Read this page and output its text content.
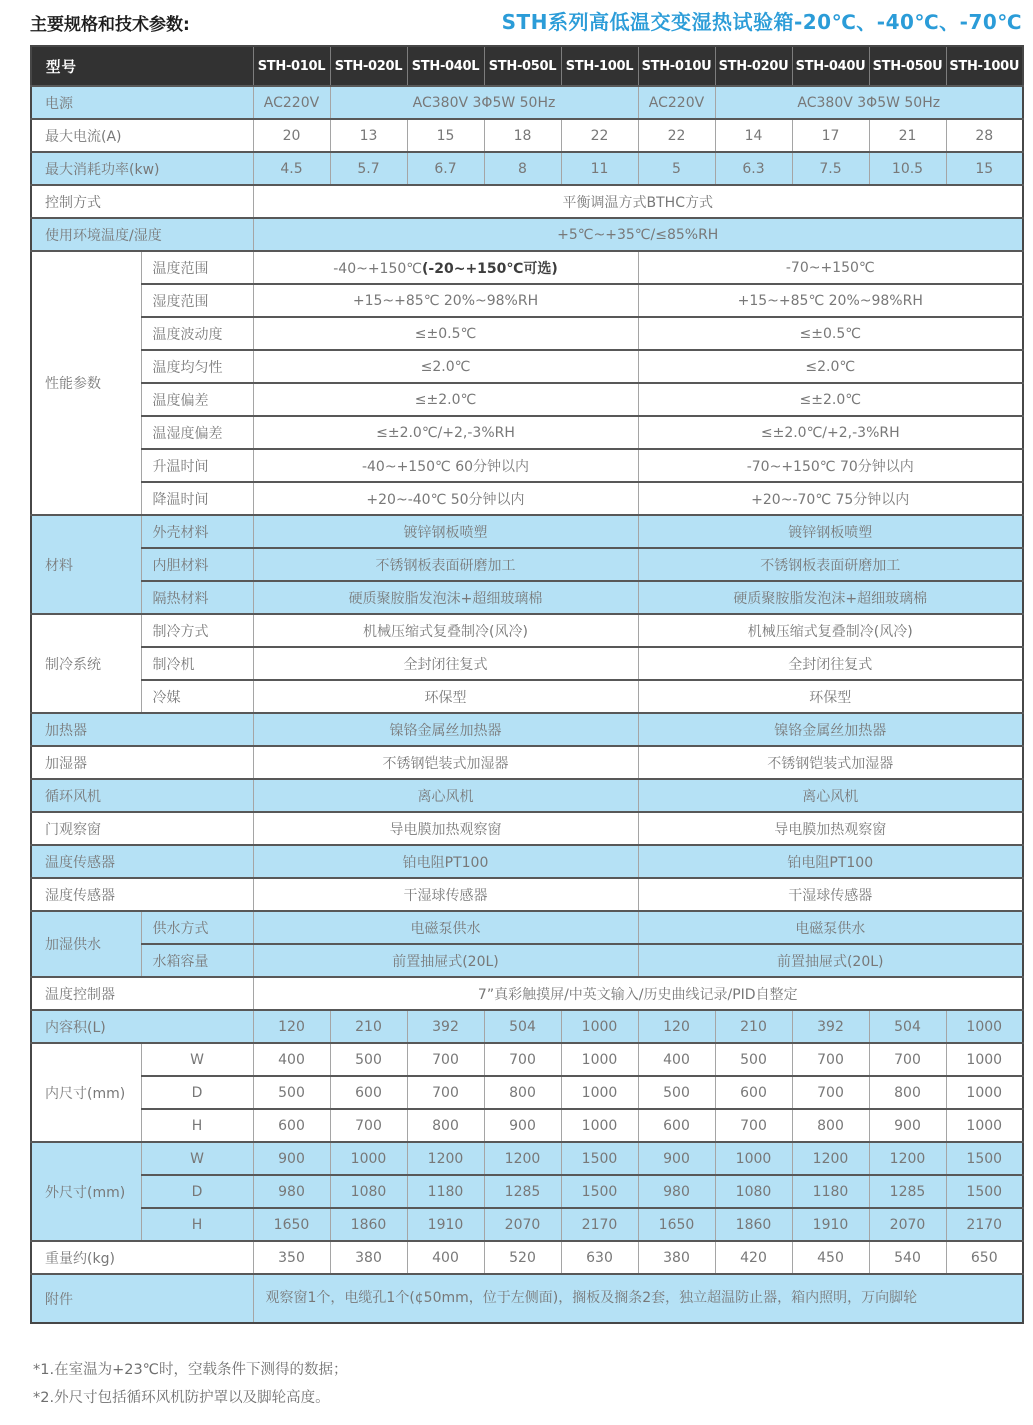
主要规格和技术参数:	STH系列高低温交变湿热试验箱-20℃、-40℃、-70℃
型号		STH-010L	STH-020L	STH-040L	STH-050L	STH-100L	STH-010U	STH-020U	STH-040U	STH-050U	STH-100U
电源		AC220V	AC380V 3Φ5W 50Hz				AC220V	AC380V 3Φ5W 50Hz			
最大电流(A)		20	13	15	18	22	22	14	17	21	28
最大消耗功率(kw)		4.5	5.7	6.7	8	11	5	6.3	7.5	10.5	15
控制方式		平衡调温方式BTHC方式									
使用环境温度/湿度		+5℃~+35℃/≤85%RH									
性能参数	温度范围	-40~+150℃(-20~+150℃可选)					-70~+150℃				
	湿度范围	+15~+85℃ 20%~98%RH					+15~+85℃ 20%~98%RH				
	温度波动度	≤±0.5℃					≤±0.5℃				
	温度均匀性	≤2.0℃					≤2.0℃				
	温度偏差	≤±2.0℃					≤±2.0℃				
	温湿度偏差	≤±2.0℃/+2,-3%RH					≤±2.0℃/+2,-3%RH				
	升温时间	-40~+150℃ 60分钟以内					-70~+150℃ 70分钟以内				
	降温时间	+20~-40℃ 50分钟以内					+20~-70℃ 75分钟以内				
材料	外壳材料	镀锌钢板喷塑					镀锌钢板喷塑				
	内胆材料	不锈钢板表面研磨加工					不锈钢板表面研磨加工				
	隔热材料	硬质聚胺脂发泡沫+超细玻璃棉					硬质聚胺脂发泡沫+超细玻璃棉				
制冷系统	制冷方式	机械压缩式复叠制冷(风冷)					机械压缩式复叠制冷(风冷)				
	制冷机	全封闭往复式					全封闭往复式				
	冷媒	环保型					环保型				
加热器		镍铬金属丝加热器					镍铬金属丝加热器				
加湿器		不锈钢铠装式加湿器					不锈钢铠装式加湿器				
循环风机		离心风机					离心风机				
门观察窗		导电膜加热观察窗					导电膜加热观察窗				
温度传感器		铂电阻PT100					铂电阻PT100				
湿度传感器		干湿球传感器					干湿球传感器				
加湿供水	供水方式	电磁泵供水					电磁泵供水				
	水箱容量	前置抽屉式(20L)					前置抽屉式(20L)				
温度控制器		7”真彩触摸屏/中英文输入/历史曲线记录/PID自整定									
内容积(L)		120	210	392	504	1000	120	210	392	504	1000
内尺寸(mm)	W	400	500	700	700	1000	400	500	700	700	1000
	D	500	600	700	800	1000	500	600	700	800	1000
	H	600	700	800	900	1000	600	700	800	900	1000
外尺寸(mm)	W	900	1000	1200	1200	1500	900	1000	1200	1200	1500
	D	980	1080	1180	1285	1500	980	1080	1180	1285	1500
	H	1650	1860	1910	2070	2170	1650	1860	1910	2070	2170
重量约(kg)		350	380	400	520	630	380	420	450	540	650
附件		观察窗1个，电缆孔1个(¢50mm，位于左侧面)，搁板及搁条2套，独立超温防止器，箱内照明，万向脚轮									
*1.在室温为+23℃时，空载条件下测得的数据；
*2.外尺寸包括循环风机防护罩以及脚轮高度。
